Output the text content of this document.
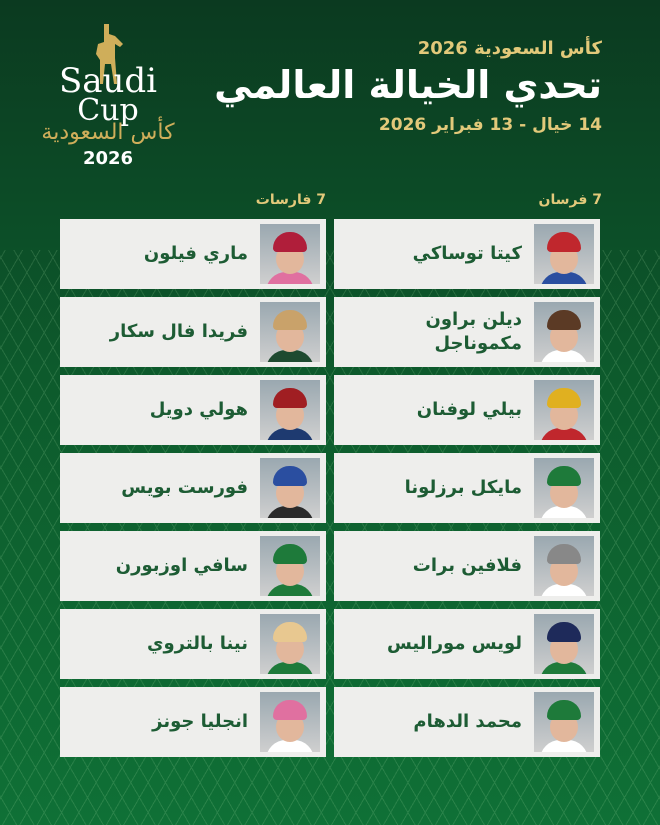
Saudi
Cup
كأس السعودية
2026
كأس السعودية 2026
تحدي الخيالة العالمي
14 خيال - 13 فبراير 2026
7 فرسان
7 فارسات
كيتا توساكي
ديلن براون مكموناجل
بيلي لوفنان
مايكل برزلونا
فلافين برات
لويس موراليس
محمد الدهام
ماري فيلون
فريدا فال سكار
هولي دويل
فورست بويس
سافي اوزبورن
نينا بالتروي
انجليا جونز
